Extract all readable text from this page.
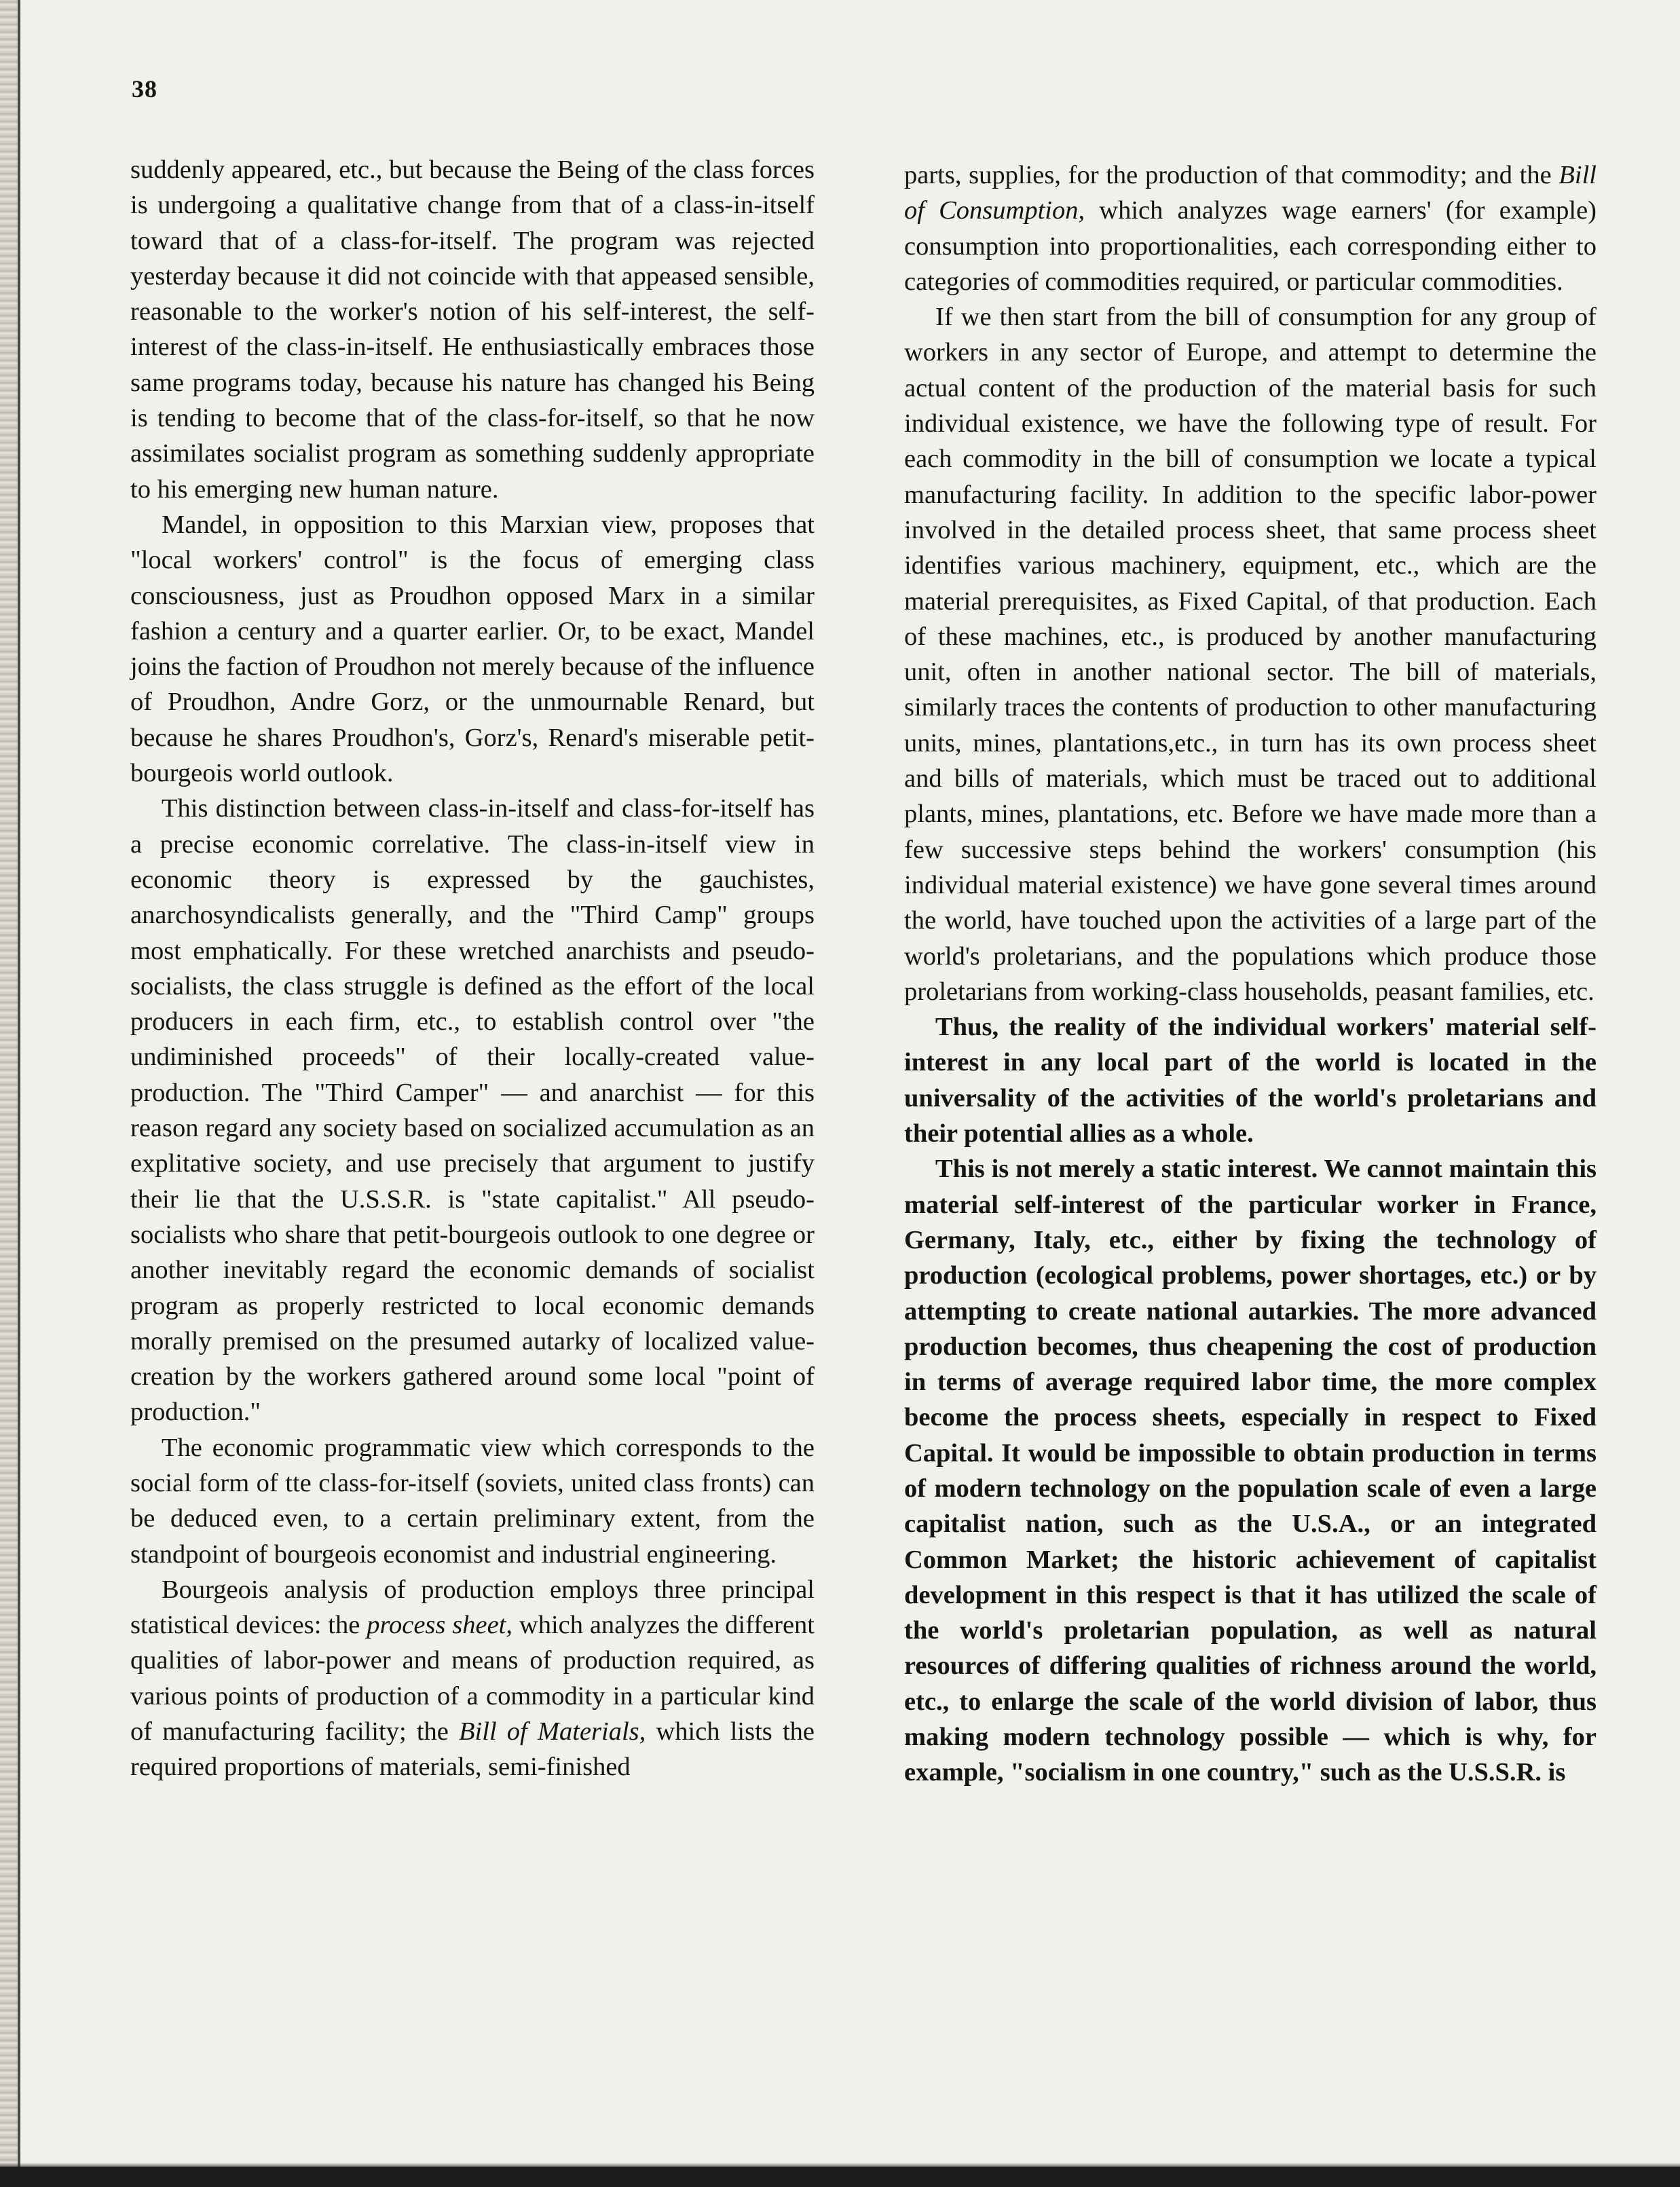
38

suddenly appeared, etc., but because the Being of the class forces is undergoing a qualitative change from that of a class-in-itself toward that of a class-for-itself. The program was rejected yesterday because it did not coincide with that appeased sensible, reasonable to the worker's notion of his self-interest, the self-interest of the class-in-itself. He enthusiastically embraces those same programs today, because his nature has changed his Being is tending to become that of the class-for-itself, so that he now assimilates socialist program as something suddenly appropriate to his emerging new human nature.

Mandel, in opposition to this Marxian view, proposes that "local workers' control" is the focus of emerging class consciousness, just as Proudhon opposed Marx in a similar fashion a century and a quarter earlier. Or, to be exact, Mandel joins the faction of Proudhon not merely because of the influence of Proudhon, Andre Gorz, or the unmournable Renard, but because he shares Proudhon's, Gorz's, Renard's miserable petit-bourgeois world outlook.

This distinction between class-in-itself and class-for-itself has a precise economic correlative. The class-in-itself view in economic theory is expressed by the gauchistes, anarchosyndicalists generally, and the "Third Camp" groups most emphatically. For these wretched anarchists and pseudo-socialists, the class struggle is defined as the effort of the local producers in each firm, etc., to establish control over "the undiminished proceeds" of their locally-created value-production. The "Third Camper" — and anarchist — for this reason regard any society based on socialized accumulation as an explitative society, and use precisely that argument to justify their lie that the U.S.S.R. is "state capitalist." All pseudo-socialists who share that petit-bourgeois outlook to one degree or another inevitably regard the economic demands of socialist program as properly restricted to local economic demands morally premised on the presumed autarky of localized value-creation by the workers gathered around some local "point of production."

The economic programmatic view which corresponds to the social form of tte class-for-itself (soviets, united class fronts) can be deduced even, to a certain preliminary extent, from the standpoint of bourgeois economist and industrial engineering.

Bourgeois analysis of production employs three principal statistical devices: the process sheet, which analyzes the different qualities of labor-power and means of production required, as various points of production of a commodity in a particular kind of manufacturing facility; the Bill of Materials, which lists the required proportions of materials, semi-finished

parts, supplies, for the production of that commodity; and the Bill of Consumption, which analyzes wage earners' (for example) consumption into proportionalities, each corresponding either to categories of commodities required, or particular commodities.

If we then start from the bill of consumption for any group of workers in any sector of Europe, and attempt to determine the actual content of the production of the material basis for such individual existence, we have the following type of result. For each commodity in the bill of consumption we locate a typical manufacturing facility. In addition to the specific labor-power involved in the detailed process sheet, that same process sheet identifies various machinery, equipment, etc., which are the material prerequisites, as Fixed Capital, of that production. Each of these machines, etc., is produced by another manufacturing unit, often in another national sector. The bill of materials, similarly traces the contents of production to other manufacturing units, mines, plantations,etc., in turn has its own process sheet and bills of materials, which must be traced out to additional plants, mines, plantations, etc. Before we have made more than a few successive steps behind the workers' consumption (his individual material existence) we have gone several times around the world, have touched upon the activities of a large part of the world's proletarians, and the populations which produce those proletarians from working-class households, peasant families, etc.

Thus, the reality of the individual workers' material self-interest in any local part of the world is located in the universality of the activities of the world's proletarians and their potential allies as a whole.

This is not merely a static interest. We cannot maintain this material self-interest of the particular worker in France, Germany, Italy, etc., either by fixing the technology of production (ecological problems, power shortages, etc.) or by attempting to create national autarkies. The more advanced production becomes, thus cheapening the cost of production in terms of average required labor time, the more complex become the process sheets, especially in respect to Fixed Capital. It would be impossible to obtain production in terms of modern technology on the population scale of even a large capitalist nation, such as the U.S.A., or an integrated Common Market; the historic achievement of capitalist development in this respect is that it has utilized the scale of the world's proletarian population, as well as natural resources of differing qualities of richness around the world, etc., to enlarge the scale of the world division of labor, thus making modern technology possible — which is why, for example, "socialism in one country," such as the U.S.S.R. is
